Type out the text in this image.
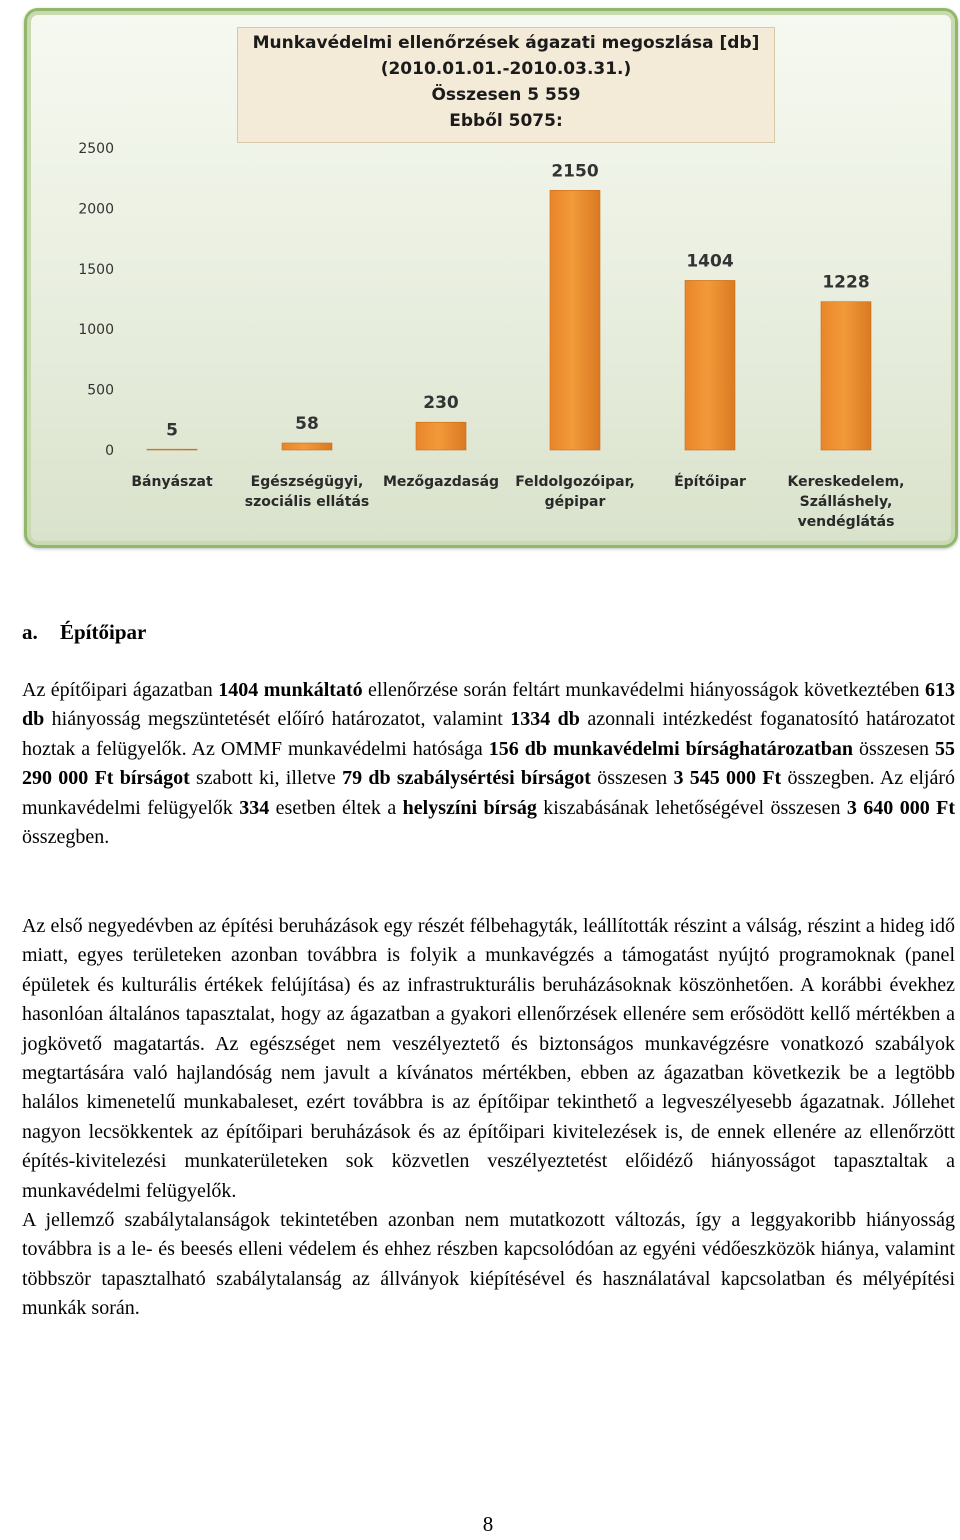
Munkavédelmi ellenőrzések ágazati megoszlása [db]
(2010.01.01.-2010.03.31.)
Összesen 5 559
Ebből 5075:
0
500
1000
1500
2000
2500
5	58
230
2150
1404
1228
Bányászat	Egészségügyi,
szociális ellátás
Mezőgazdaság Feldolgozóipar,
gépipar
Építőipar	Kereskedelem,
Szálláshely,
vendéglátás
a. Építőipar
Az építőipari ágazatban 1404 munkáltató ellenőrzése során feltárt munkavédelmi hiányosságok következtében 613 db hiányosság megszüntetését előíró határozatot, valamint 1334 db azonnali intézkedést foganatosító határozatot hoztak a felügyelők. Az OMMF munkavédelmi hatósága 156 db munkavédelmi bírsághatározatban összesen 55 290 000 Ft bírságot szabott ki, illetve 79 db szabálysértési bírságot összesen 3 545 000 Ft összegben. Az eljáró munkavédelmi felügyelők 334 esetben éltek a helyszíni bírság kiszabásának lehetőségével összesen 3 640 000 Ft összegben.
Az első negyedévben az építési beruházások egy részét félbehagyták, leállították részint a válság, részint a hideg idő miatt, egyes területeken azonban továbbra is folyik a munkavégzés a támogatást nyújtó programoknak (panel épületek és kulturális értékek felújítása) és az infrastrukturális beruházásoknak köszönhetően. A korábbi évekhez hasonlóan általános tapasztalat, hogy az ágazatban a gyakori ellenőrzések ellenére sem erősödött kellő mértékben a jogkövető magatartás. Az egészséget nem veszélyeztető és biztonságos munkavégzésre vonatkozó szabályok megtartására való hajlandóság nem javult a kívánatos mértékben, ebben az ágazatban következik be a legtöbb halálos kimenetelű munkabaleset, ezért továbbra is az építőipar tekinthető a legveszélyesebb ágazatnak. Jóllehet nagyon lecsökkentek az építőipari beruházások és az építőipari kivitelezések is, de ennek ellenére az ellenőrzött építés-kivitelezési munkaterületeken sok közvetlen veszélyeztetést előidéző hiányosságot tapasztaltak a munkavédelmi felügyelők.
A jellemző szabálytalanságok tekintetében azonban nem mutatkozott változás, így a leggyakoribb hiányosság továbbra is a le- és beesés elleni védelem és ehhez részben kapcsolódóan az egyéni védőeszközök hiánya, valamint többször tapasztalható szabálytalanság az állványok kiépítésével és használatával kapcsolatban és mélyépítési munkák során.
8
